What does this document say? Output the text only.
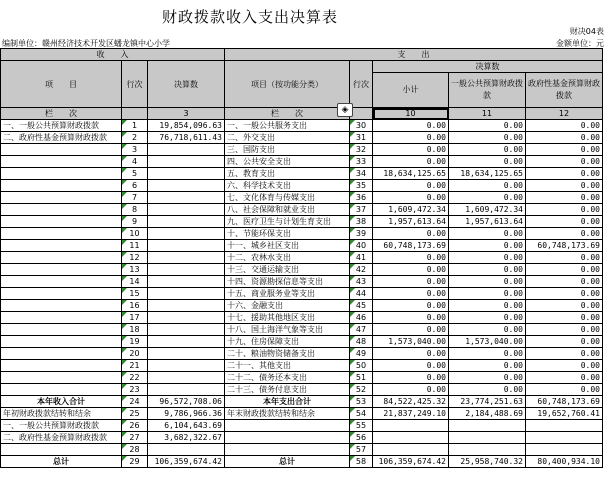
财政拨款收入支出决算表
财决04表
编制单位：赣州经济技术开发区蟠龙镇中心小学	金额单位：元
收　　入			支　　出				
项　　目	行次	决算数	项目（按功能分类）	行次	决算数		
					小计	一般公共预算财政拨款	政府性基金预算财政拨款

栏　　次		3	栏　　次		10	11	12
一、一般公共预算财政拨款	1	19,854,096.63	一、一般公共服务支出	30	0.00	0.00	0.00
二、政府性基金预算财政拨款	2	76,718,611.43	二、外交支出	31	0.00	0.00	0.00
	3		三、国防支出	32	0.00	0.00	0.00
	4		四、公共安全支出	33	0.00	0.00	0.00
	5		五、教育支出	34	18,634,125.65	18,634,125.65	0.00
	6		六、科学技术支出	35	0.00	0.00	0.00
	7		七、文化体育与传媒支出	36	0.00	0.00	0.00
	8		八、社会保障和就业支出	37	1,609,472.34	1,609,472.34	0.00
	9		九、医疗卫生与计划生育支出	38	1,957,613.64	1,957,613.64	0.00
	10		十、节能环保支出	39	0.00	0.00	0.00
	11		十一、城乡社区支出	40	60,748,173.69	0.00	60,748,173.69
	12		十二、农林水支出	41	0.00	0.00	0.00
	13		十三、交通运输支出	42	0.00	0.00	0.00
	14		十四、资源勘探信息等支出	43	0.00	0.00	0.00
	15		十五、商业服务业等支出	44	0.00	0.00	0.00
	16		十六、金融支出	45	0.00	0.00	0.00
	17		十七、援助其他地区支出	46	0.00	0.00	0.00
	18		十八、国土海洋气象等支出	47	0.00	0.00	0.00
	19		十九、住房保障支出	48	1,573,040.00	1,573,040.00	0.00
	20		二十、粮油物资储备支出	49	0.00	0.00	0.00
	21		二十一、其他支出	50	0.00	0.00	0.00
	22		二十二、债务还本支出	51	0.00	0.00	0.00
	23		二十三、债务付息支出	52	0.00	0.00	0.00
本年收入合计	24	96,572,708.06	本年支出合计	53	84,522,425.32	23,774,251.63	60,748,173.69
年初财政拨款结转和结余	25	9,786,966.36	年末财政拨款结转和结余	54	21,837,249.10	2,184,488.69	19,652,760.41
一、一般公共预算财政拨款	26	6,104,643.69		55			
二、政府性基金预算财政拨款	27	3,682,322.67		56			
	28			57			
总计	29	106,359,674.42	总计	58	106,359,674.42	25,958,740.32	80,400,934.10
◈
